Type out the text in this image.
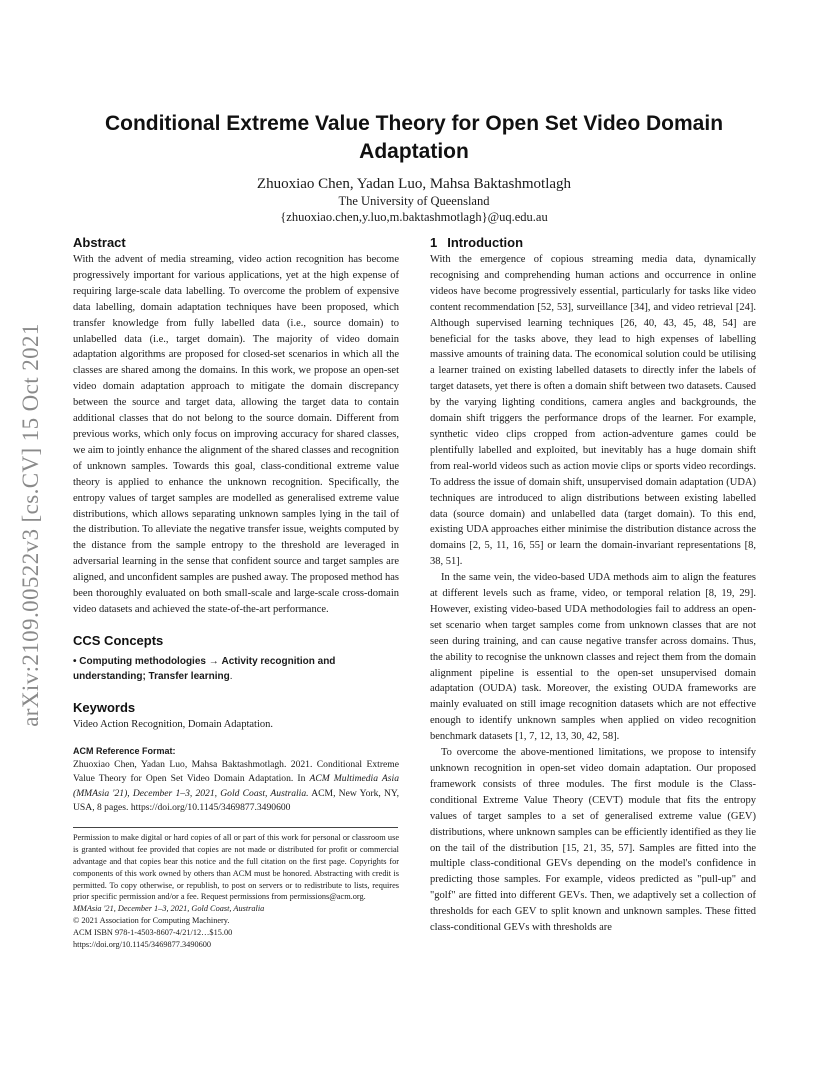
arXiv:2109.00522v3 [cs.CV] 15 Oct 2021
Conditional Extreme Value Theory for Open Set Video Domain Adaptation
Zhuoxiao Chen, Yadan Luo, Mahsa Baktashmotlagh
The University of Queensland
{zhuoxiao.chen,y.luo,m.baktashmotlagh}@uq.edu.au
Abstract

With the advent of media streaming, video action recognition has become progressively important for various applications, yet at the high expense of requiring large-scale data labelling. To overcome the problem of expensive data labelling, domain adaptation techniques have been proposed, which transfer knowledge from fully labelled data (i.e., source domain) to unlabelled data (i.e., target domain). The majority of video domain adaptation algorithms are proposed for closed-set scenarios in which all the classes are shared among the domains. In this work, we propose an open-set video domain adaptation approach to mitigate the domain discrepancy between the source and target data, allowing the target data to contain additional classes that do not belong to the source domain. Different from previous works, which only focus on improving accuracy for shared classes, we aim to jointly enhance the alignment of the shared classes and recognition of unknown samples. Towards this goal, class-conditional extreme value theory is applied to enhance the unknown recognition. Specifically, the entropy values of target samples are modelled as generalised extreme value distributions, which allows separating unknown samples lying in the tail of the distribution. To alleviate the negative transfer issue, weights computed by the distance from the sample entropy to the threshold are leveraged in adversarial learning in the sense that confident source and target samples are aligned, and unconfident samples are pushed away. The proposed method has been thoroughly evaluated on both small-scale and large-scale cross-domain video datasets and achieved the state-of-the-art performance.

CCS Concepts

• Computing methodologies → Activity recognition and understanding; Transfer learning.

Keywords

Video Action Recognition, Domain Adaptation.

ACM Reference Format:

Zhuoxiao Chen, Yadan Luo, Mahsa Baktashmotlagh. 2021. Conditional Extreme Value Theory for Open Set Video Domain Adaptation. In ACM Multimedia Asia (MMAsia '21), December 1–3, 2021, Gold Coast, Australia. ACM, New York, NY, USA, 8 pages. https://doi.org/10.1145/3469877.3490600

Permission to make digital or hard copies of all or part of this work for personal or classroom use is granted without fee provided that copies are not made or distributed for profit or commercial advantage and that copies bear this notice and the full citation on the first page. Copyrights for components of this work owned by others than ACM must be honored. Abstracting with credit is permitted. To copy otherwise, or republish, to post on servers or to redistribute to lists, requires prior specific permission and/or a fee. Request permissions from permissions@acm.org.

MMAsia '21, December 1–3, 2021, Gold Coast, Australia

© 2021 Association for Computing Machinery.

ACM ISBN 978-1-4503-8607-4/21/12…$15.00

https://doi.org/10.1145/3469877.3490600

1 Introduction

With the emergence of copious streaming media data, dynamically recognising and comprehending human actions and occurrence in online videos have become progressively essential, particularly for tasks like video content recommendation [52, 53], surveillance [34], and video retrieval [24]. Although supervised learning techniques [26, 40, 43, 45, 48, 54] are beneficial for the tasks above, they lead to high expenses of labelling massive amounts of training data. The economical solution could be utilising a learner trained on existing labelled datasets to directly infer the labels of target datasets, yet there is often a domain shift between two datasets. Caused by the varying lighting conditions, camera angles and backgrounds, the domain shift triggers the performance drops of the learner. For example, synthetic video clips cropped from action-adventure games could be plentifully labelled and exploited, but inevitably has a huge domain shift from real-world videos such as action movie clips or sports video recordings. To address the issue of domain shift, unsupervised domain adaptation (UDA) techniques are introduced to align distributions between existing labelled data (source domain) and unlabelled data (target domain). To this end, existing UDA approaches either minimise the distribution distance across the domains [2, 5, 11, 16, 55] or learn the domain-invariant representations [8, 38, 51].

In the same vein, the video-based UDA methods aim to align the features at different levels such as frame, video, or temporal relation [8, 19, 29]. However, existing video-based UDA methodologies fail to address an open-set scenario when target samples come from unknown classes that are not seen during training, and can cause negative transfer across domains. Thus, the ability to recognise the unknown classes and reject them from the domain alignment pipeline is essential to the open-set unsupervised domain adaptation (OUDA) task. Moreover, the existing OUDA frameworks are mainly evaluated on still image recognition datasets which are not effective enough to identify unknown samples when applied on video recognition benchmark datasets [1, 7, 12, 13, 30, 42, 58].

To overcome the above-mentioned limitations, we propose to intensify unknown recognition in open-set video domain adaptation. Our proposed framework consists of three modules. The first module is the Class-conditional Extreme Value Theory (CEVT) module that fits the entropy values of target samples to a set of generalised extreme value (GEV) distributions, where unknown samples can be efficiently identified as they lie on the tail of the distribution [15, 21, 35, 57]. Samples are fitted into the multiple class-conditional GEVs depending on the model's confidence in predicting those samples. For example, videos predicted as "pull-up" and "golf" are fitted into different GEVs. Then, we adaptively set a collection of thresholds for each GEV to split known and unknown samples. These fitted class-conditional GEVs with thresholds are
